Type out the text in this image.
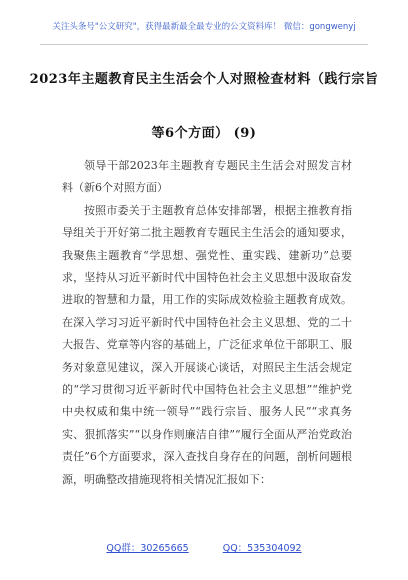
关注头条号"公文研究"，获得最新最全最专业的公文资料库！ 微信：gongwenyj
2023年主题教育民主生活会个人对照检查材料（践行宗旨
等6个方面） (9)

领导干部2023年主题教育专题民主生活会对照发言材料（新6个对照方面）

按照市委关于主题教育总体安排部署，根据主推教育指导组关于开好第二批主题教育专题民主生活会的通知要求，我聚焦主题教育“学思想、强党性、重实践、建新功”总要求，坚持从习近平新时代中国特色社会主义思想中汲取奋发进取的智慧和力量，用工作的实际成效检验主题教育成效。在深入学习习近平新时代中国特色社会主义思想、党的二十大报告、党章等内容的基础上，广泛征求单位干部职工、服务对象意见建议，深入开展谈心谈话，对照民主生活会规定的“学习贯彻习近平新时代中国特色社会主义思想”“维护党中央权威和集中统一领导”“践行宗旨、服务人民”“求真务实、狠抓落实”“以身作则廉洁自律”“履行全面从严治党政治责任”6个方面要求，深入查找自身存在的问题，剖析问题根源，明确整改措施现将相关情况汇报如下：

QQ群：30265665	QQ：535304092
